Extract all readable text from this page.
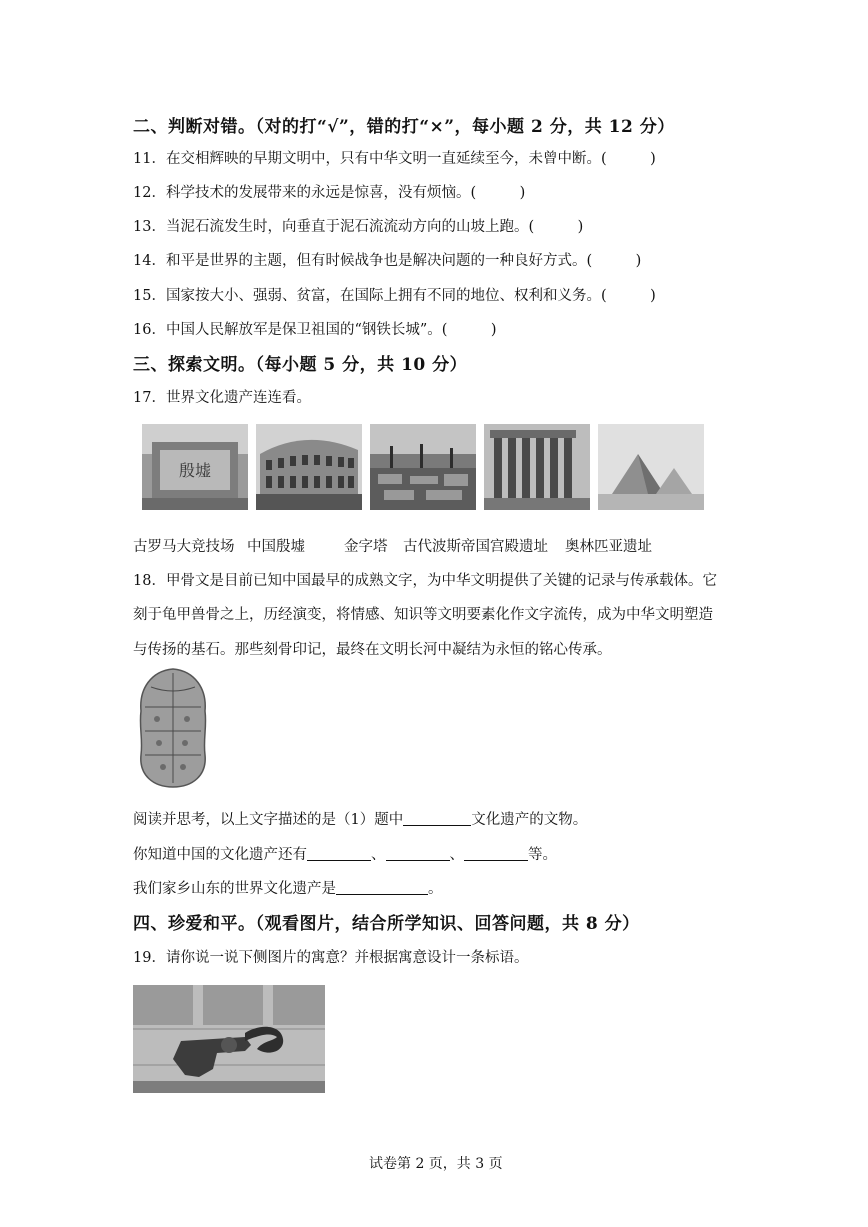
二、判断对错。（对的打“√”，错的打“×”，每小题 2 分，共 12 分）
11．在交相辉映的早期文明中，只有中华文明一直延续至今，未曾中断。(　　　)
12．科学技术的发展带来的永远是惊喜，没有烦恼。(　　　)
13．当泥石流发生时，向垂直于泥石流流动方向的山坡上跑。(　　　)
14．和平是世界的主题，但有时候战争也是解决问题的一种良好方式。(　　　)
15．国家按大小、强弱、贫富，在国际上拥有不同的地位、权利和义务。(　　　)
16．中国人民解放军是保卫祖国的“钢铁长城”。(　　　)
三、探索文明。（每小题 5 分，共 10 分）
17．世界文化遗产连连看。
殷墟
古罗马大竞技场 中国殷墟	金字塔 古代波斯帝国宫殿遗址 奥林匹亚遗址
18．甲骨文是目前已知中国最早的成熟文字，为中华文明提供了关键的记录与传承载体。它
刻于龟甲兽骨之上，历经演变，将情感、知识等文明要素化作文字流传，成为中华文明塑造
与传扬的基石。那些刻骨印记，最终在文明长河中凝结为永恒的铭心传承。
阅读并思考，以上文字描述的是（1）题中	文化遗产的文物。
你知道中国的文化遗产还有	、	、	等。
我们家乡山东的世界文化遗产是	。
四、珍爱和平。（观看图片，结合所学知识、回答问题，共 8 分）
19．请你说一说下侧图片的寓意？并根据寓意设计一条标语。
试卷第 2 页，共 3 页
